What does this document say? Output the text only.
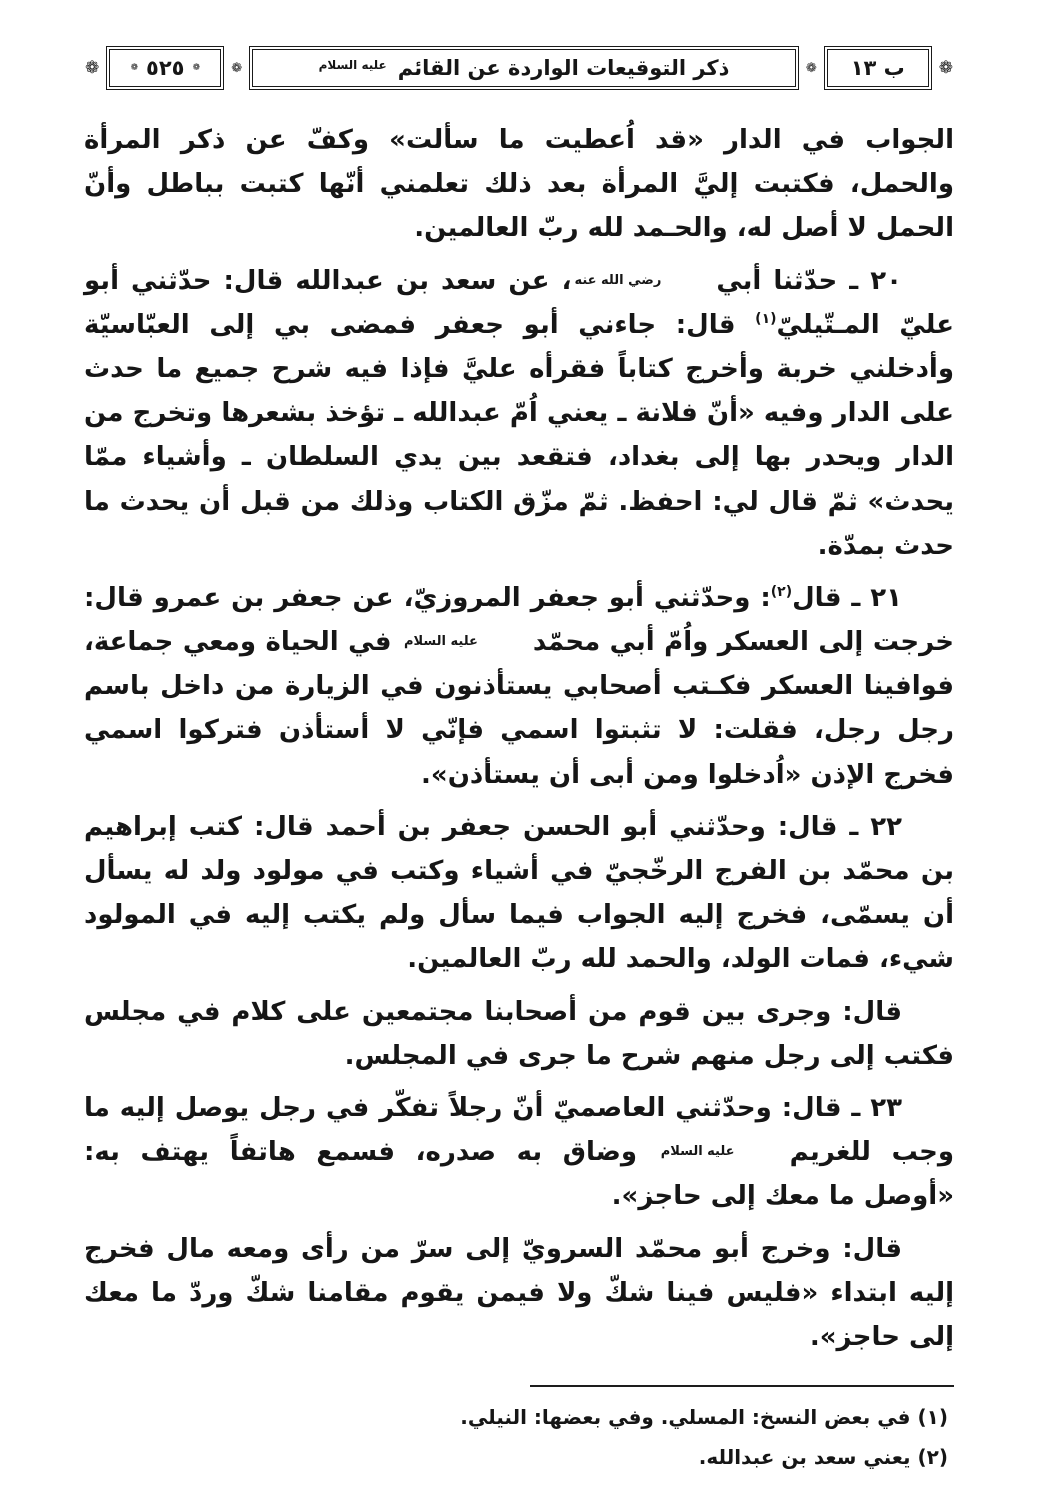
❁
ب ١٣
❁
ذكر التوقيعات الواردة عن القائم
عليه السلام
❁
❁
٥٢٥
❁
❁

الجواب في الدار «قد اُعطيت ما سألت» وكفّ عن ذكر المرأة والحمل، فكتبت إليَّ المرأة بعد ذلك تعلمني أنّها كتبت بباطل وأنّ الحمل لا أصل له، والحـمد لله ربّ العالمين.

٢٠ ـ حدّثنا أبيرضي الله عنه، عن سعد بن عبدالله قال: حدّثني أبو عليّ المـتّيليّ$^{(١)}$ قال: جاءني أبو جعفر فمضى بي إلى العبّاسيّة وأدخلني خربة وأخرج كتاباً فقرأه عليَّ فإذا فيه شرح جميع ما حدث على الدار وفيه «أنّ فلانة ـ يعني اُمّ عبدالله ـ تؤخذ بشعرها وتخرج من الدار ويحدر بها إلى بغداد، فتقعد بين يدي السلطان ـ وأشياء ممّا يحدث» ثمّ قال لي: احفظ. ثمّ مزّق الكتاب وذلك من قبل أن يحدث ما حدث بمدّة.

٢١ ـ قال$^{(٢)}$: وحدّثني أبو جعفر المروزيّ، عن جعفر بن عمرو قال: خرجت إلى العسكر واُمّ أبي محمّدعليه السلام في الحياة ومعي جماعة، فوافينا العسكر فكـتب أصحابي يستأذنون في الزيارة من داخل باسم رجل رجل، فقلت: لا تثبتوا اسمي فإنّي لا أستأذن فتركوا اسمي فخرج الإذن «اُدخلوا ومن أبى أن يستأذن».

٢٢ ـ قال: وحدّثني أبو الحسن جعفر بن أحمد قال: كتب إبراهيم بن محمّد بن الفرج الرخّجيّ في أشياء وكتب في مولود ولد له يسأل أن يسمّى، فخرج إليه الجواب فيما سأل ولم يكتب إليه في المولود شيء، فمات الولد، والحمد لله ربّ العالمين.

قال: وجرى بين قوم من أصحابنا مجتمعين على كلام في مجلس فكتب إلى رجل منهم شرح ما جرى في المجلس.

٢٣ ـ قال: وحدّثني العاصميّ أنّ رجلاً تفكّر في رجل يوصل إليه ما وجب للغريمعليه السلام وضاق به صدره، فسمع هاتفاً يهتف به: «أوصل ما معك إلى حاجز».

قال: وخرج أبو محمّد السرويّ إلى سرّ من رأى ومعه مال فخرج إليه ابتداء «فليس فينا شكّ ولا فيمن يقوم مقامنا شكّ وردّ ما معك إلى حاجز».

(١) في بعض النسخ: المسلي. وفي بعضها: النيلي.

(٢) يعني سعد بن عبدالله.
